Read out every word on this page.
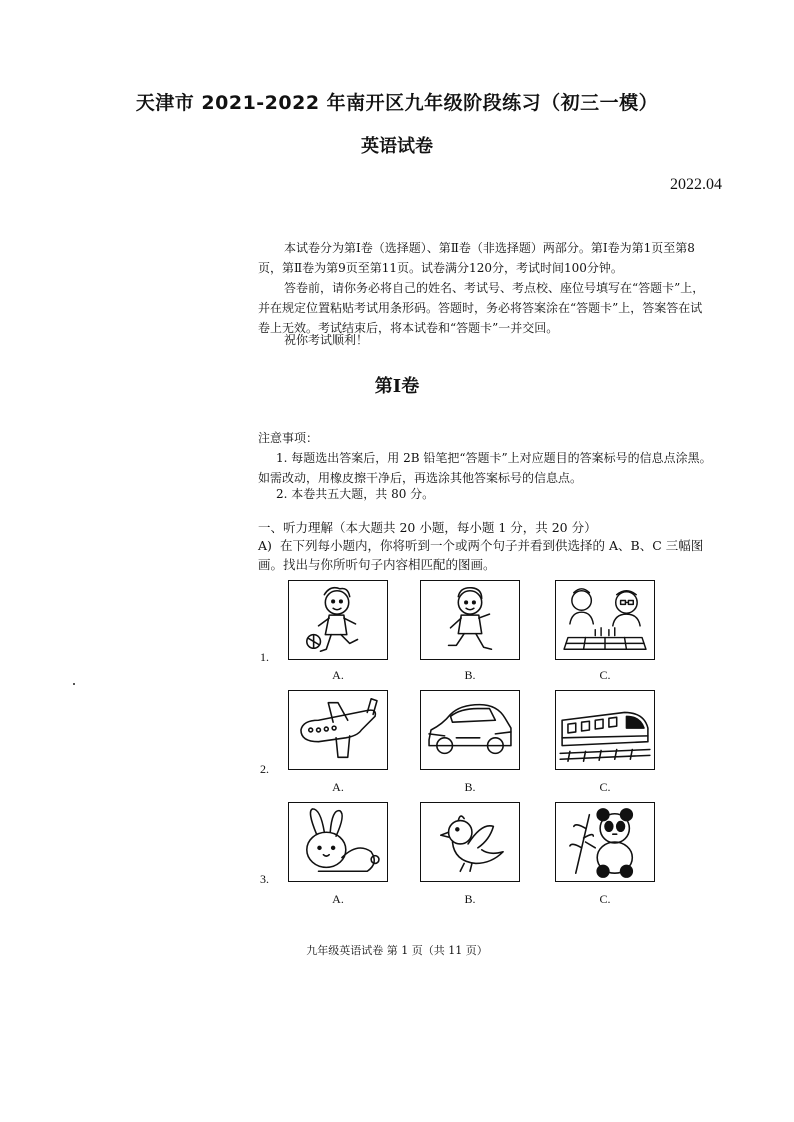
天津市 2021-2022 年南开区九年级阶段练习（初三一模）
英语试卷
2022.04

本试卷分为第Ⅰ卷（选择题）、第Ⅱ卷（非选择题）两部分。第Ⅰ卷为第1页至第8页，第Ⅱ卷为第9页至第11页。试卷满分120分，考试时间100分钟。

答卷前，请你务必将自己的姓名、考试号、考点校、座位号填写在“答题卡”上，并在规定位置粘贴考试用条形码。答题时，务必将答案涂在“答题卡”上，答案答在试卷上无效。考试结束后，将本试卷和“答题卡”一并交回。

祝你考试顺利！

第Ⅰ卷

注意事项：

1. 每题选出答案后，用 2B 铅笔把“答题卡”上对应题目的答案标号的信息点涂黑。如需改动，用橡皮擦干净后，再选涂其他答案标号的信息点。

2. 本卷共五大题，共 80 分。

一、听力理解（本大题共 20 小题，每小题 1 分，共 20 分）
A) 在下列每小题内，你将听到一个或两个句子并看到供选择的 A、B、C 三幅图画。找出与你所听句子内容相匹配的图画。
1.
A.	B.	C.
2.
A.	B.	C.
3.
A.	B.	C.
九年级英语试卷 第 1 页（共 11 页）
